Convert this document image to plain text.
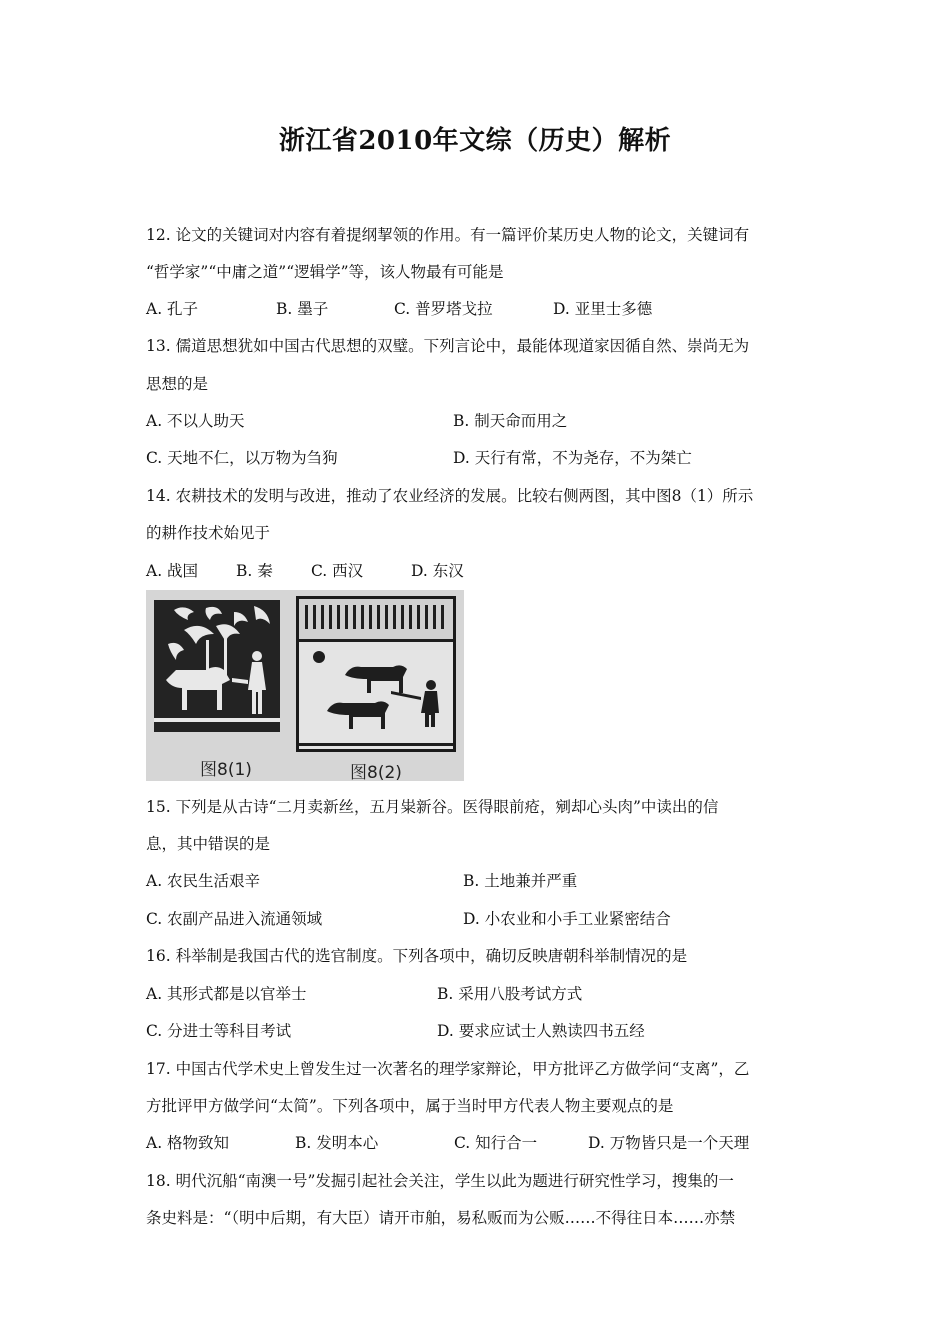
浙江省2010年文综（历史）解析
12. 论文的关键词对内容有着提纲挈领的作用。有一篇评价某历史人物的论文，关键词有
“哲学家”“中庸之道”“逻辑学”等，该人物最有可能是
A. 孔子	B. 墨子	C. 普罗塔戈拉	D. 亚里士多德
13. 儒道思想犹如中国古代思想的双璧。下列言论中，最能体现道家因循自然、崇尚无为
思想的是
A. 不以人助天	B. 制天命而用之
C. 天地不仁，以万物为刍狗	D. 天行有常，不为尧存，不为桀亡
14. 农耕技术的发明与改进，推动了农业经济的发展。比较右侧两图，其中图8（1）所示
的耕作技术始见于
A. 战国 B. 秦 C. 西汉	D. 东汉
图8(1)	图8(2)
15. 下列是从古诗“二月卖新丝，五月粜新谷。医得眼前疮，剜却心头肉”中读出的信
息，其中错误的是
A. 农民生活艰辛	B. 土地兼并严重
C. 农副产品进入流通领域	D. 小农业和小手工业紧密结合
16. 科举制是我国古代的选官制度。下列各项中，确切反映唐朝科举制情况的是
A. 其形式都是以官举士	B. 采用八股考试方式
C. 分进士等科目考试	D. 要求应试士人熟读四书五经
17. 中国古代学术史上曾发生过一次著名的理学家辩论，甲方批评乙方做学问“支离”，乙
方批评甲方做学问“太简”。下列各项中，属于当时甲方代表人物主要观点的是
A. 格物致知	B. 发明本心	C. 知行合一	D. 万物皆只是一个天理
18. 明代沉船“南澳一号”发掘引起社会关注，学生以此为题进行研究性学习，搜集的一
条史料是：“（明中后期，有大臣）请开市舶，易私贩而为公贩……不得往日本……亦禁
